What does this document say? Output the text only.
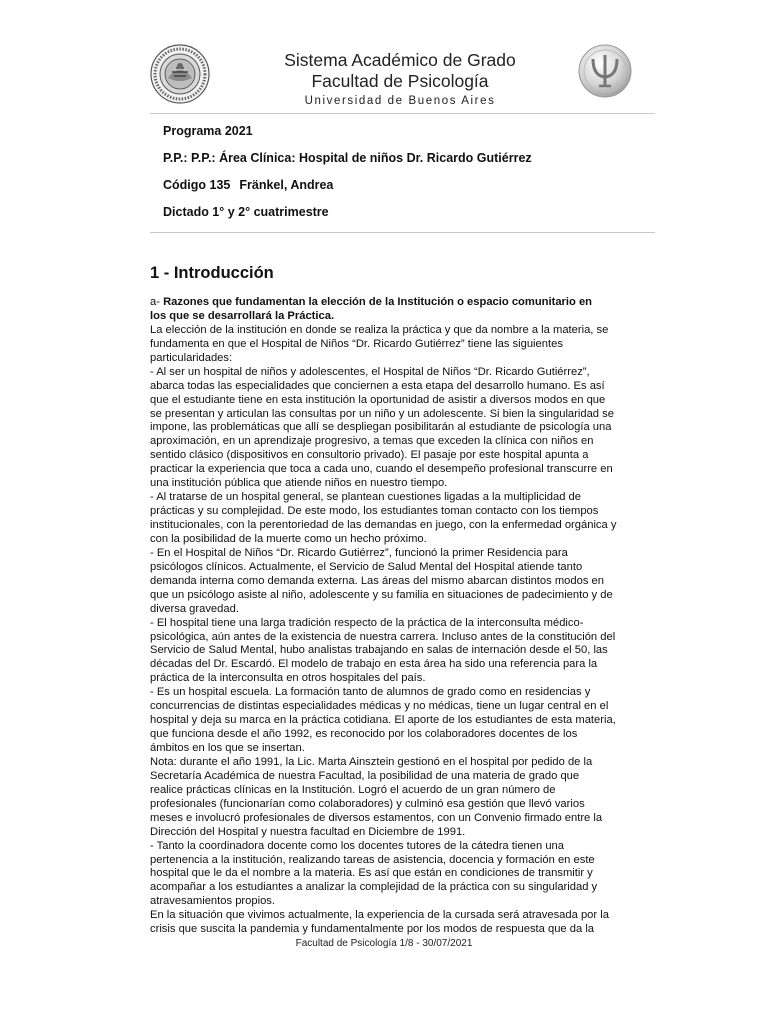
Sistema Académico de Grado
Facultad de Psicología
Universidad de Buenos Aires
Programa 2021
P.P.: P.P.: Área Clínica: Hospital de niños Dr. Ricardo Gutiérrez
Código 135 Fränkel, Andrea
Dictado 1° y 2° cuatrimestre
1 - Introducción
a- Razones que fundamentan la elección de la Institución o espacio comunitario en
los que se desarrollará la Práctica.
La elección de la institución en donde se realiza la práctica y que da nombre a la materia, se
fundamenta en que el Hospital de Niños “Dr. Ricardo Gutiérrez” tiene las siguientes
particularidades:
- Al ser un hospital de niños y adolescentes, el Hospital de Niños “Dr. Ricardo Gutiérrez”,
abarca todas las especialidades que conciernen a esta etapa del desarrollo humano. Es así
que el estudiante tiene en esta institución la oportunidad de asistir a diversos modos en que
se presentan y articulan las consultas por un niño y un adolescente. Si bien la singularidad se
impone, las problemáticas que allí se despliegan posibilitarán al estudiante de psicología una
aproximación, en un aprendizaje progresivo, a temas que exceden la clínica con niños en
sentido clásico (dispositivos en consultorio privado). El pasaje por este hospital apunta a
practicar la experiencia que toca a cada uno, cuando el desempeño profesional transcurre en
una institución pública que atiende niños en nuestro tiempo.
- Al tratarse de un hospital general, se plantean cuestiones ligadas a la multiplicidad de
prácticas y su complejidad. De este modo, los estudiantes toman contacto con los tiempos
institucionales, con la perentoriedad de las demandas en juego, con la enfermedad orgánica y
con la posibilidad de la muerte como un hecho próximo.
- En el Hospital de Niños “Dr. Ricardo Gutiérrez”, funcionó la primer Residencia para
psicólogos clínicos. Actualmente, el Servicio de Salud Mental del Hospital atiende tanto
demanda interna como demanda externa. Las áreas del mismo abarcan distintos modos en
que un psicólogo asiste al niño, adolescente y su familia en situaciones de padecimiento y de
diversa gravedad.
- El hospital tiene una larga tradición respecto de la práctica de la interconsulta médico-
psicológica, aún antes de la existencia de nuestra carrera. Incluso antes de la constitución del
Servicio de Salud Mental, hubo analistas trabajando en salas de internación desde el 50, las
décadas del Dr. Escardó. El modelo de trabajo en esta área ha sido una referencia para la
práctica de la interconsulta en otros hospitales del país.
- Es un hospital escuela. La formación tanto de alumnos de grado como en residencias y
concurrencias de distintas especialidades médicas y no médicas, tiene un lugar central en el
hospital y deja su marca en la práctica cotidiana. El aporte de los estudiantes de esta materia,
que funciona desde el año 1992, es reconocido por los colaboradores docentes de los
ámbitos en los que se insertan.
Nota: durante el año 1991, la Lic. Marta Ainsztein gestionó en el hospital por pedido de la
Secretaría Académica de nuestra Facultad, la posibilidad de una materia de grado que
realice prácticas clínicas en la Institución. Logró el acuerdo de un gran número de
profesionales (funcionarían como colaboradores) y culminó esa gestión que llevó varios
meses e involucró profesionales de diversos estamentos, con un Convenio firmado entre la
Dirección del Hospital y nuestra facultad en Diciembre de 1991.
- Tanto la coordinadora docente como los docentes tutores de la cátedra tienen una
pertenencia a la institución, realizando tareas de asistencia, docencia y formación en este
hospital que le da el nombre a la materia. Es así que están en condiciones de transmitir y
acompañar a los estudiantes a analizar la complejidad de la práctica con su singularidad y
atravesamientos propios.
En la situación que vivimos actualmente, la experiencia de la cursada será atravesada por la
crisis que suscita la pandemia y fundamentalmente por los modos de respuesta que da la
Facultad de Psicología 1/8 - 30/07/2021
